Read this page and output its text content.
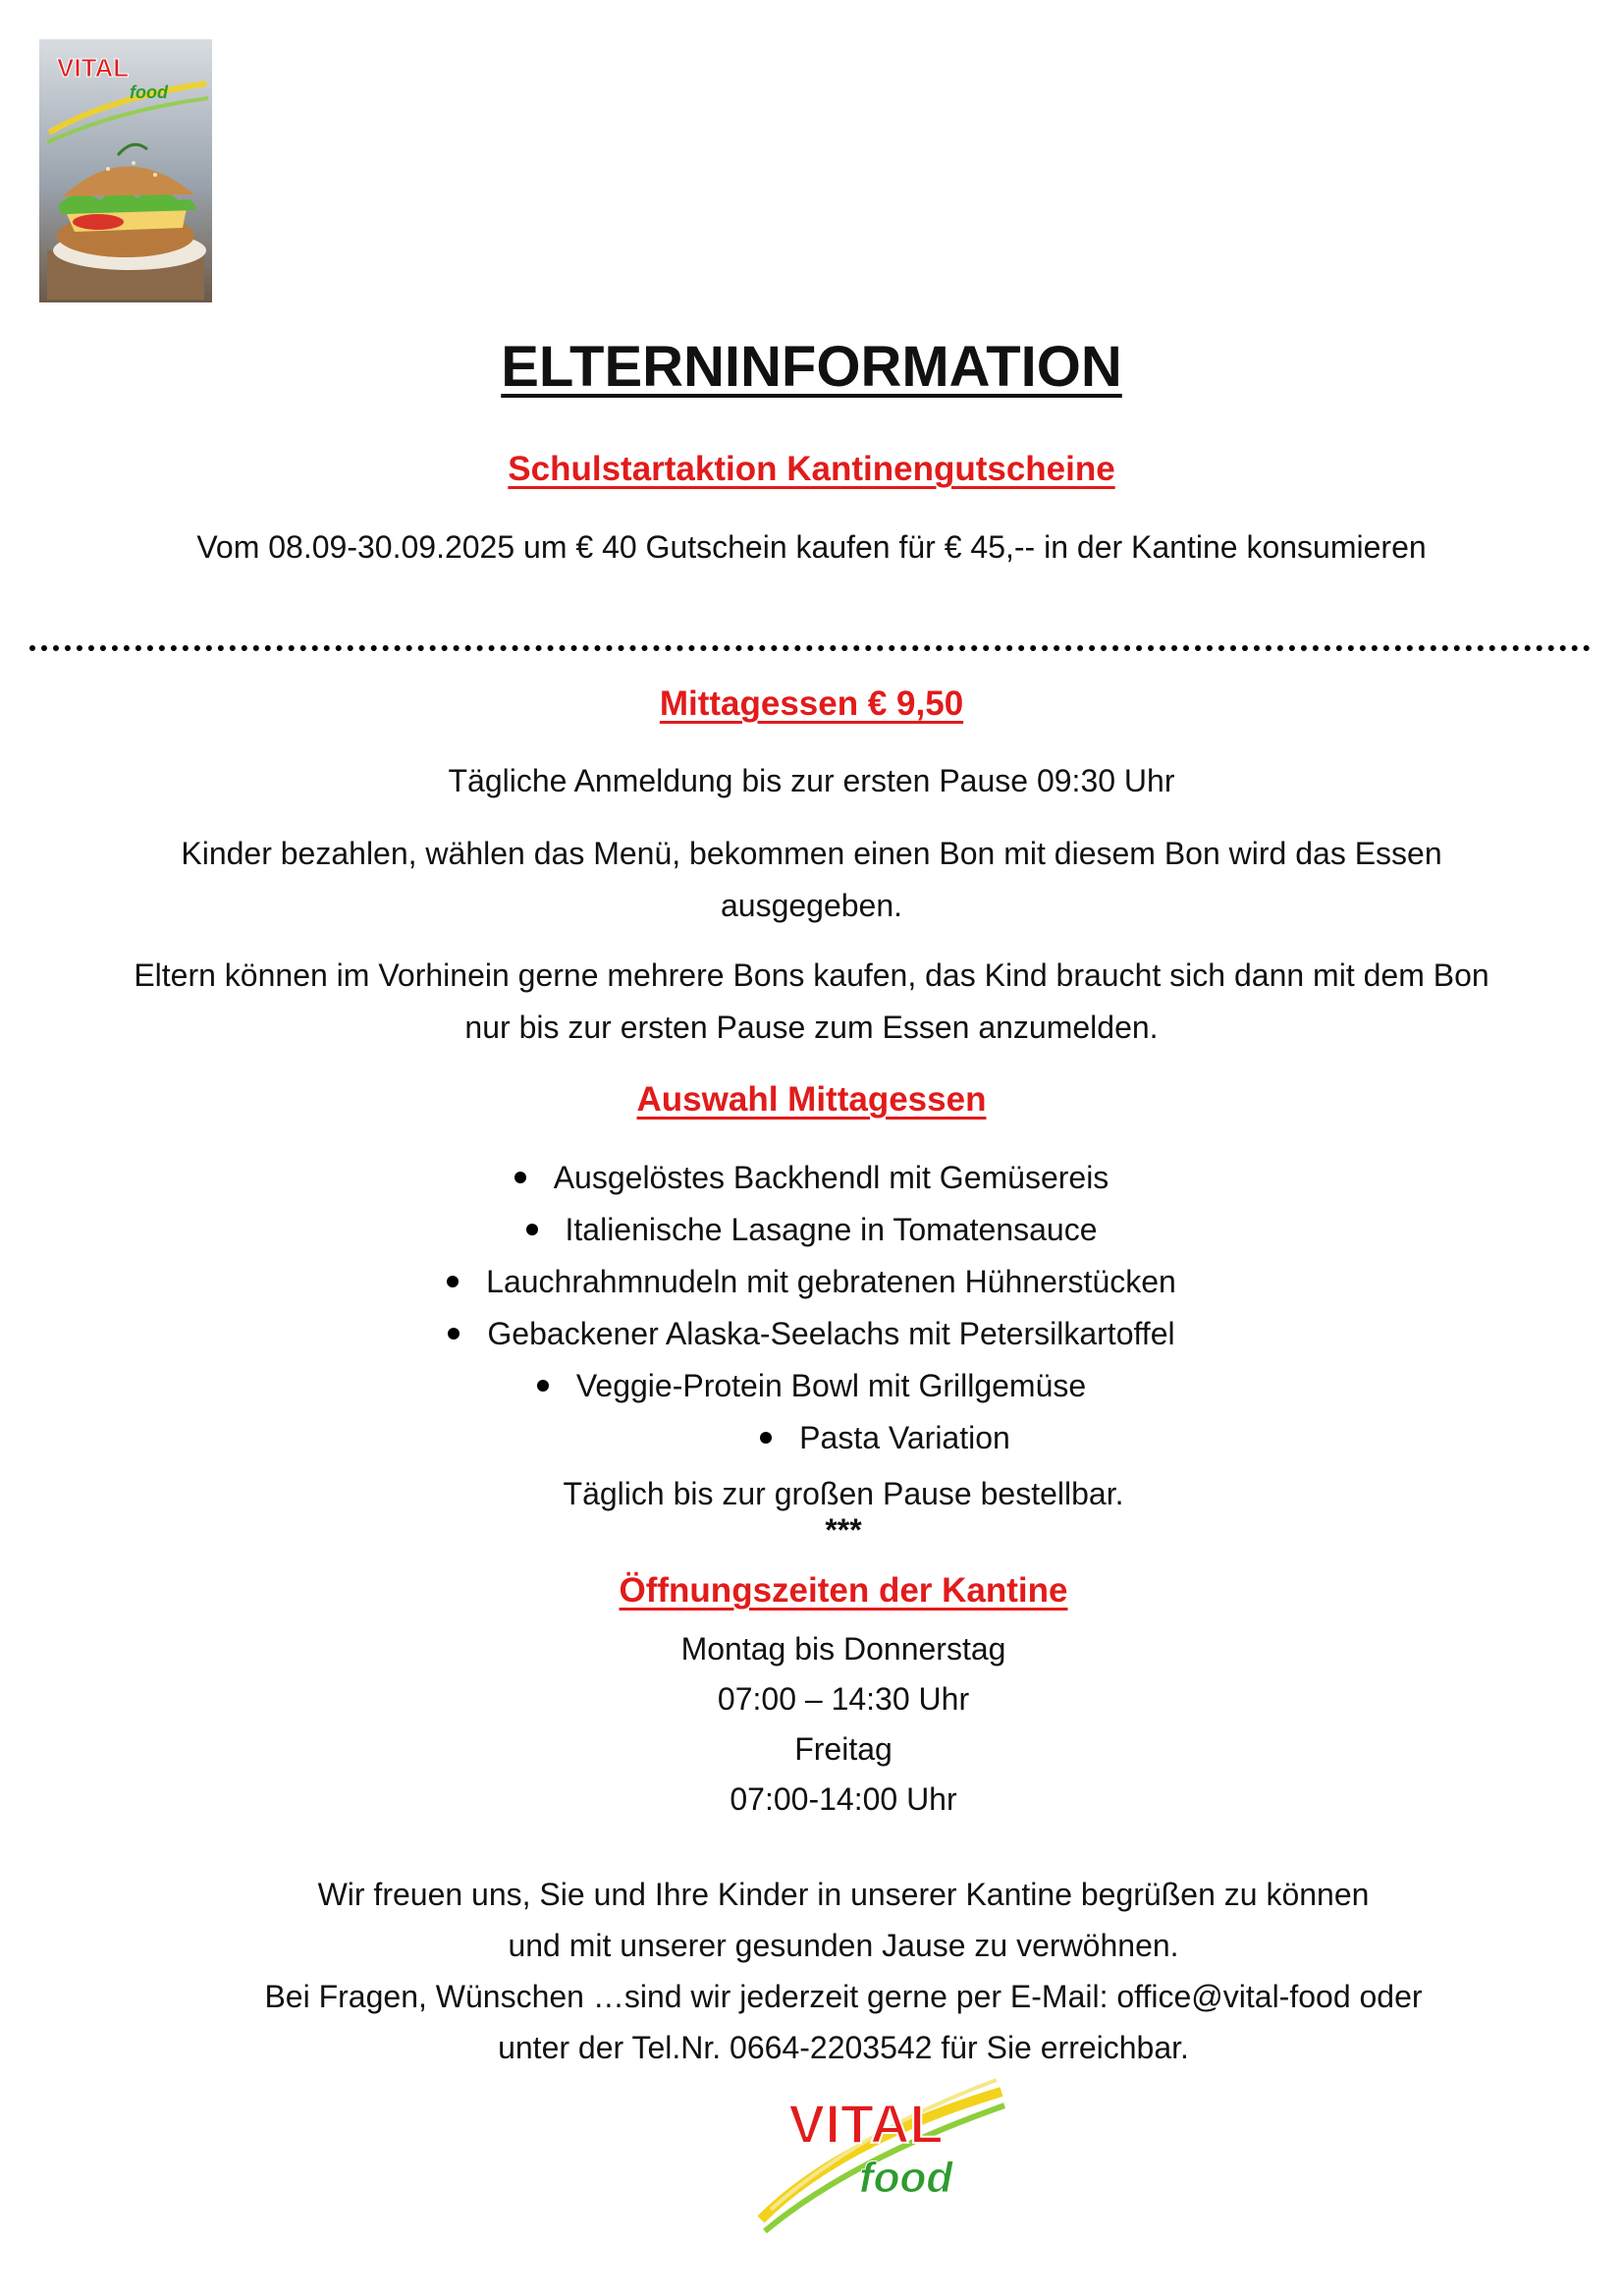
VITAL
food
ELTERNINFORMATION
Schulstartaktion Kantinengutscheine
Vom 08.09-30.09.2025 um € 40 Gutschein kaufen für € 45,-- in der Kantine konsumieren
Mittagessen € 9,50
Tägliche Anmeldung bis zur ersten Pause 09:30 Uhr
Kinder bezahlen, wählen das Menü, bekommen einen Bon mit diesem Bon wird das Essen
ausgegeben.
Eltern können im Vorhinein gerne mehrere Bons kaufen, das Kind braucht sich dann mit dem Bon
nur bis zur ersten Pause zum Essen anzumelden.
Auswahl Mittagessen
Ausgelöstes Backhendl mit Gemüsereis
Italienische Lasagne in Tomatensauce
Lauchrahmnudeln mit gebratenen Hühnerstücken
Gebackener Alaska-Seelachs mit Petersilkartoffel
Veggie-Protein Bowl mit Grillgemüse
Pasta Variation
Täglich bis zur großen Pause bestellbar.
***
Öffnungszeiten der Kantine
Montag bis Donnerstag
07:00 – 14:30 Uhr
Freitag
07:00-14:00 Uhr
Wir freuen uns, Sie und Ihre Kinder in unserer Kantine begrüßen zu können
und mit unserer gesunden Jause zu verwöhnen.
Bei Fragen, Wünschen …sind wir jederzeit gerne per E-Mail: office@vital-food oder
unter der Tel.Nr. 0664-2203542 für Sie erreichbar.
VITAL
food
